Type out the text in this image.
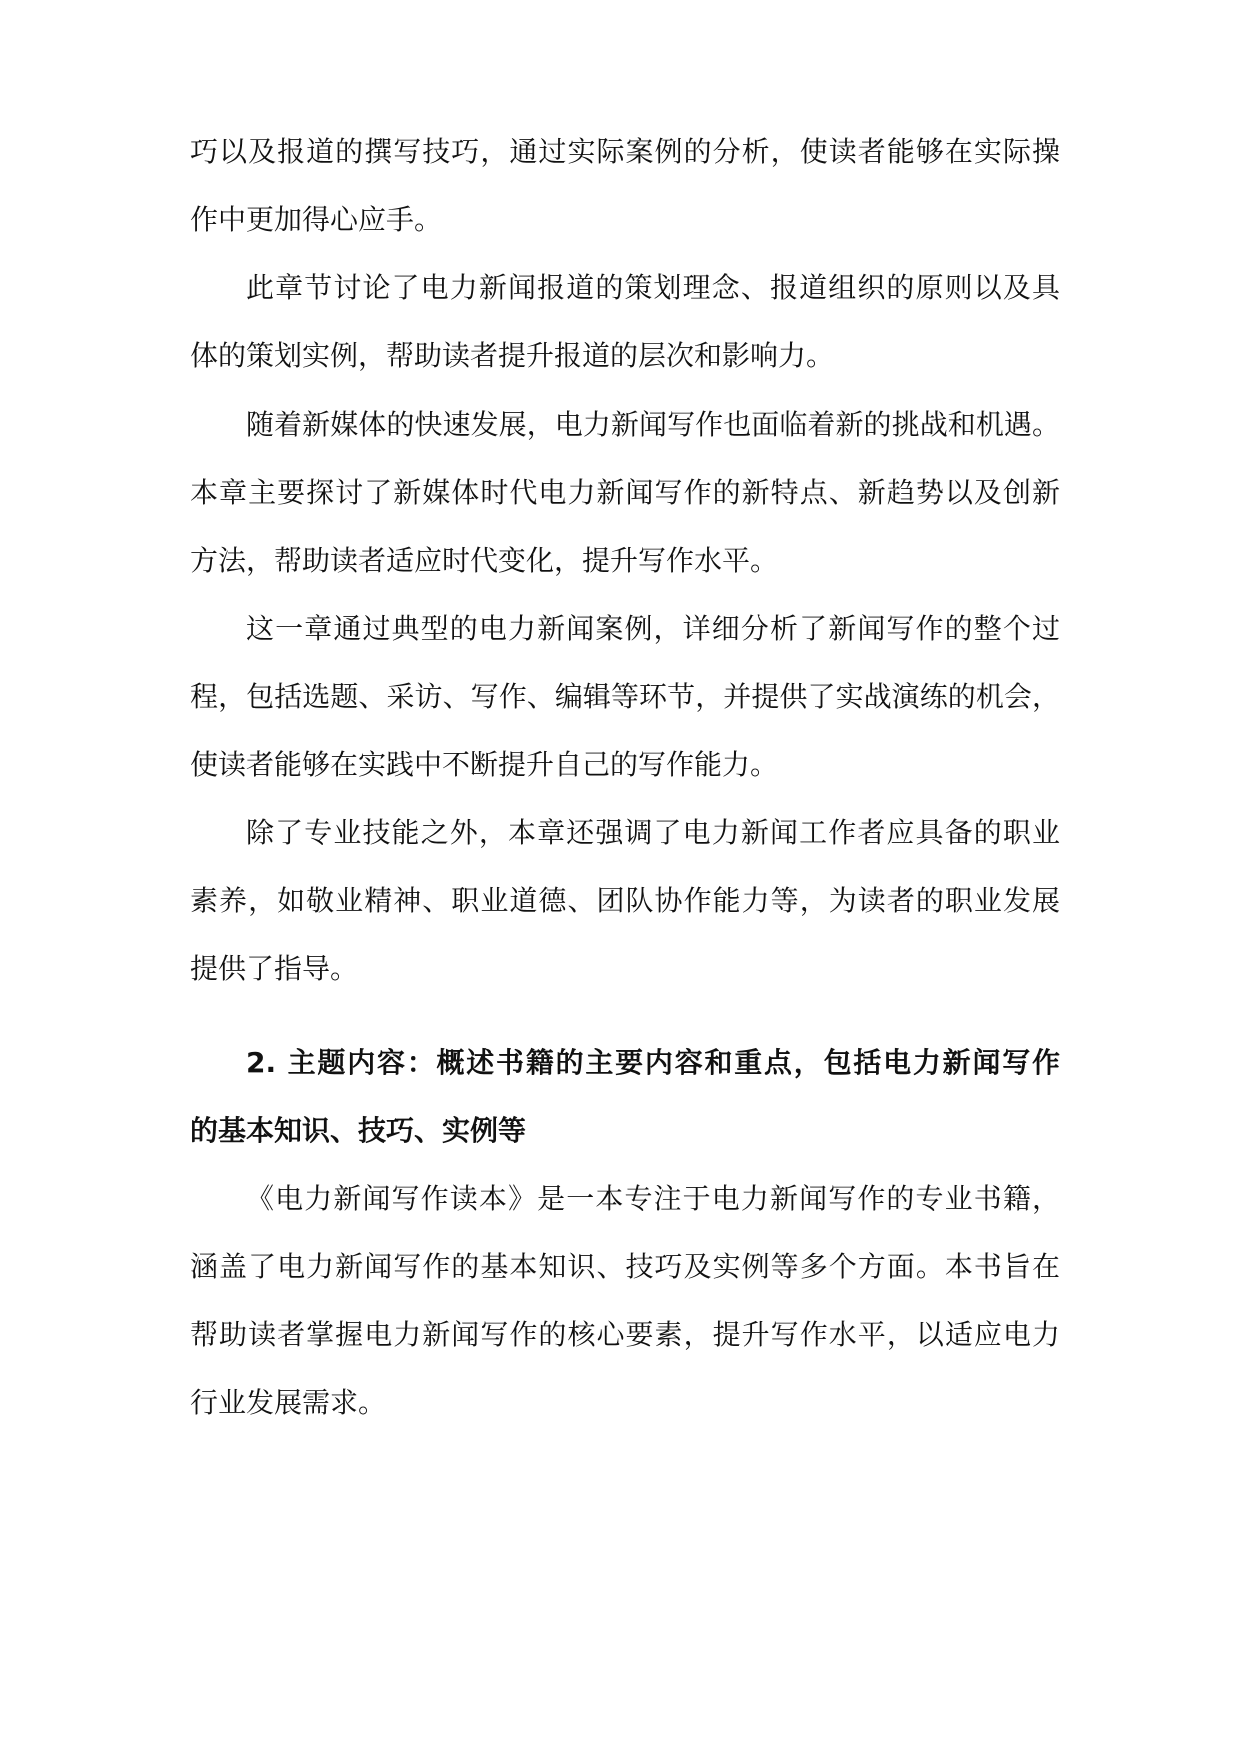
巧以及报道的撰写技巧，通过实际案例的分析，使读者能够在实际操
作中更加得心应手。
此章节讨论了电力新闻报道的策划理念、报道组织的原则以及具
体的策划实例，帮助读者提升报道的层次和影响力。
随着新媒体的快速发展，电力新闻写作也面临着新的挑战和机遇。
本章主要探讨了新媒体时代电力新闻写作的新特点、新趋势以及创新
方法，帮助读者适应时代变化，提升写作水平。
这一章通过典型的电力新闻案例，详细分析了新闻写作的整个过
程，包括选题、采访、写作、编辑等环节，并提供了实战演练的机会，
使读者能够在实践中不断提升自己的写作能力。
除了专业技能之外，本章还强调了电力新闻工作者应具备的职业
素养，如敬业精神、职业道德、团队协作能力等，为读者的职业发展
提供了指导。
2. 主题内容：概述书籍的主要内容和重点，包括电力新闻写作
的基本知识、技巧、实例等
《电力新闻写作读本》是一本专注于电力新闻写作的专业书籍，
涵盖了电力新闻写作的基本知识、技巧及实例等多个方面。本书旨在
帮助读者掌握电力新闻写作的核心要素，提升写作水平，以适应电力
行业发展需求。
